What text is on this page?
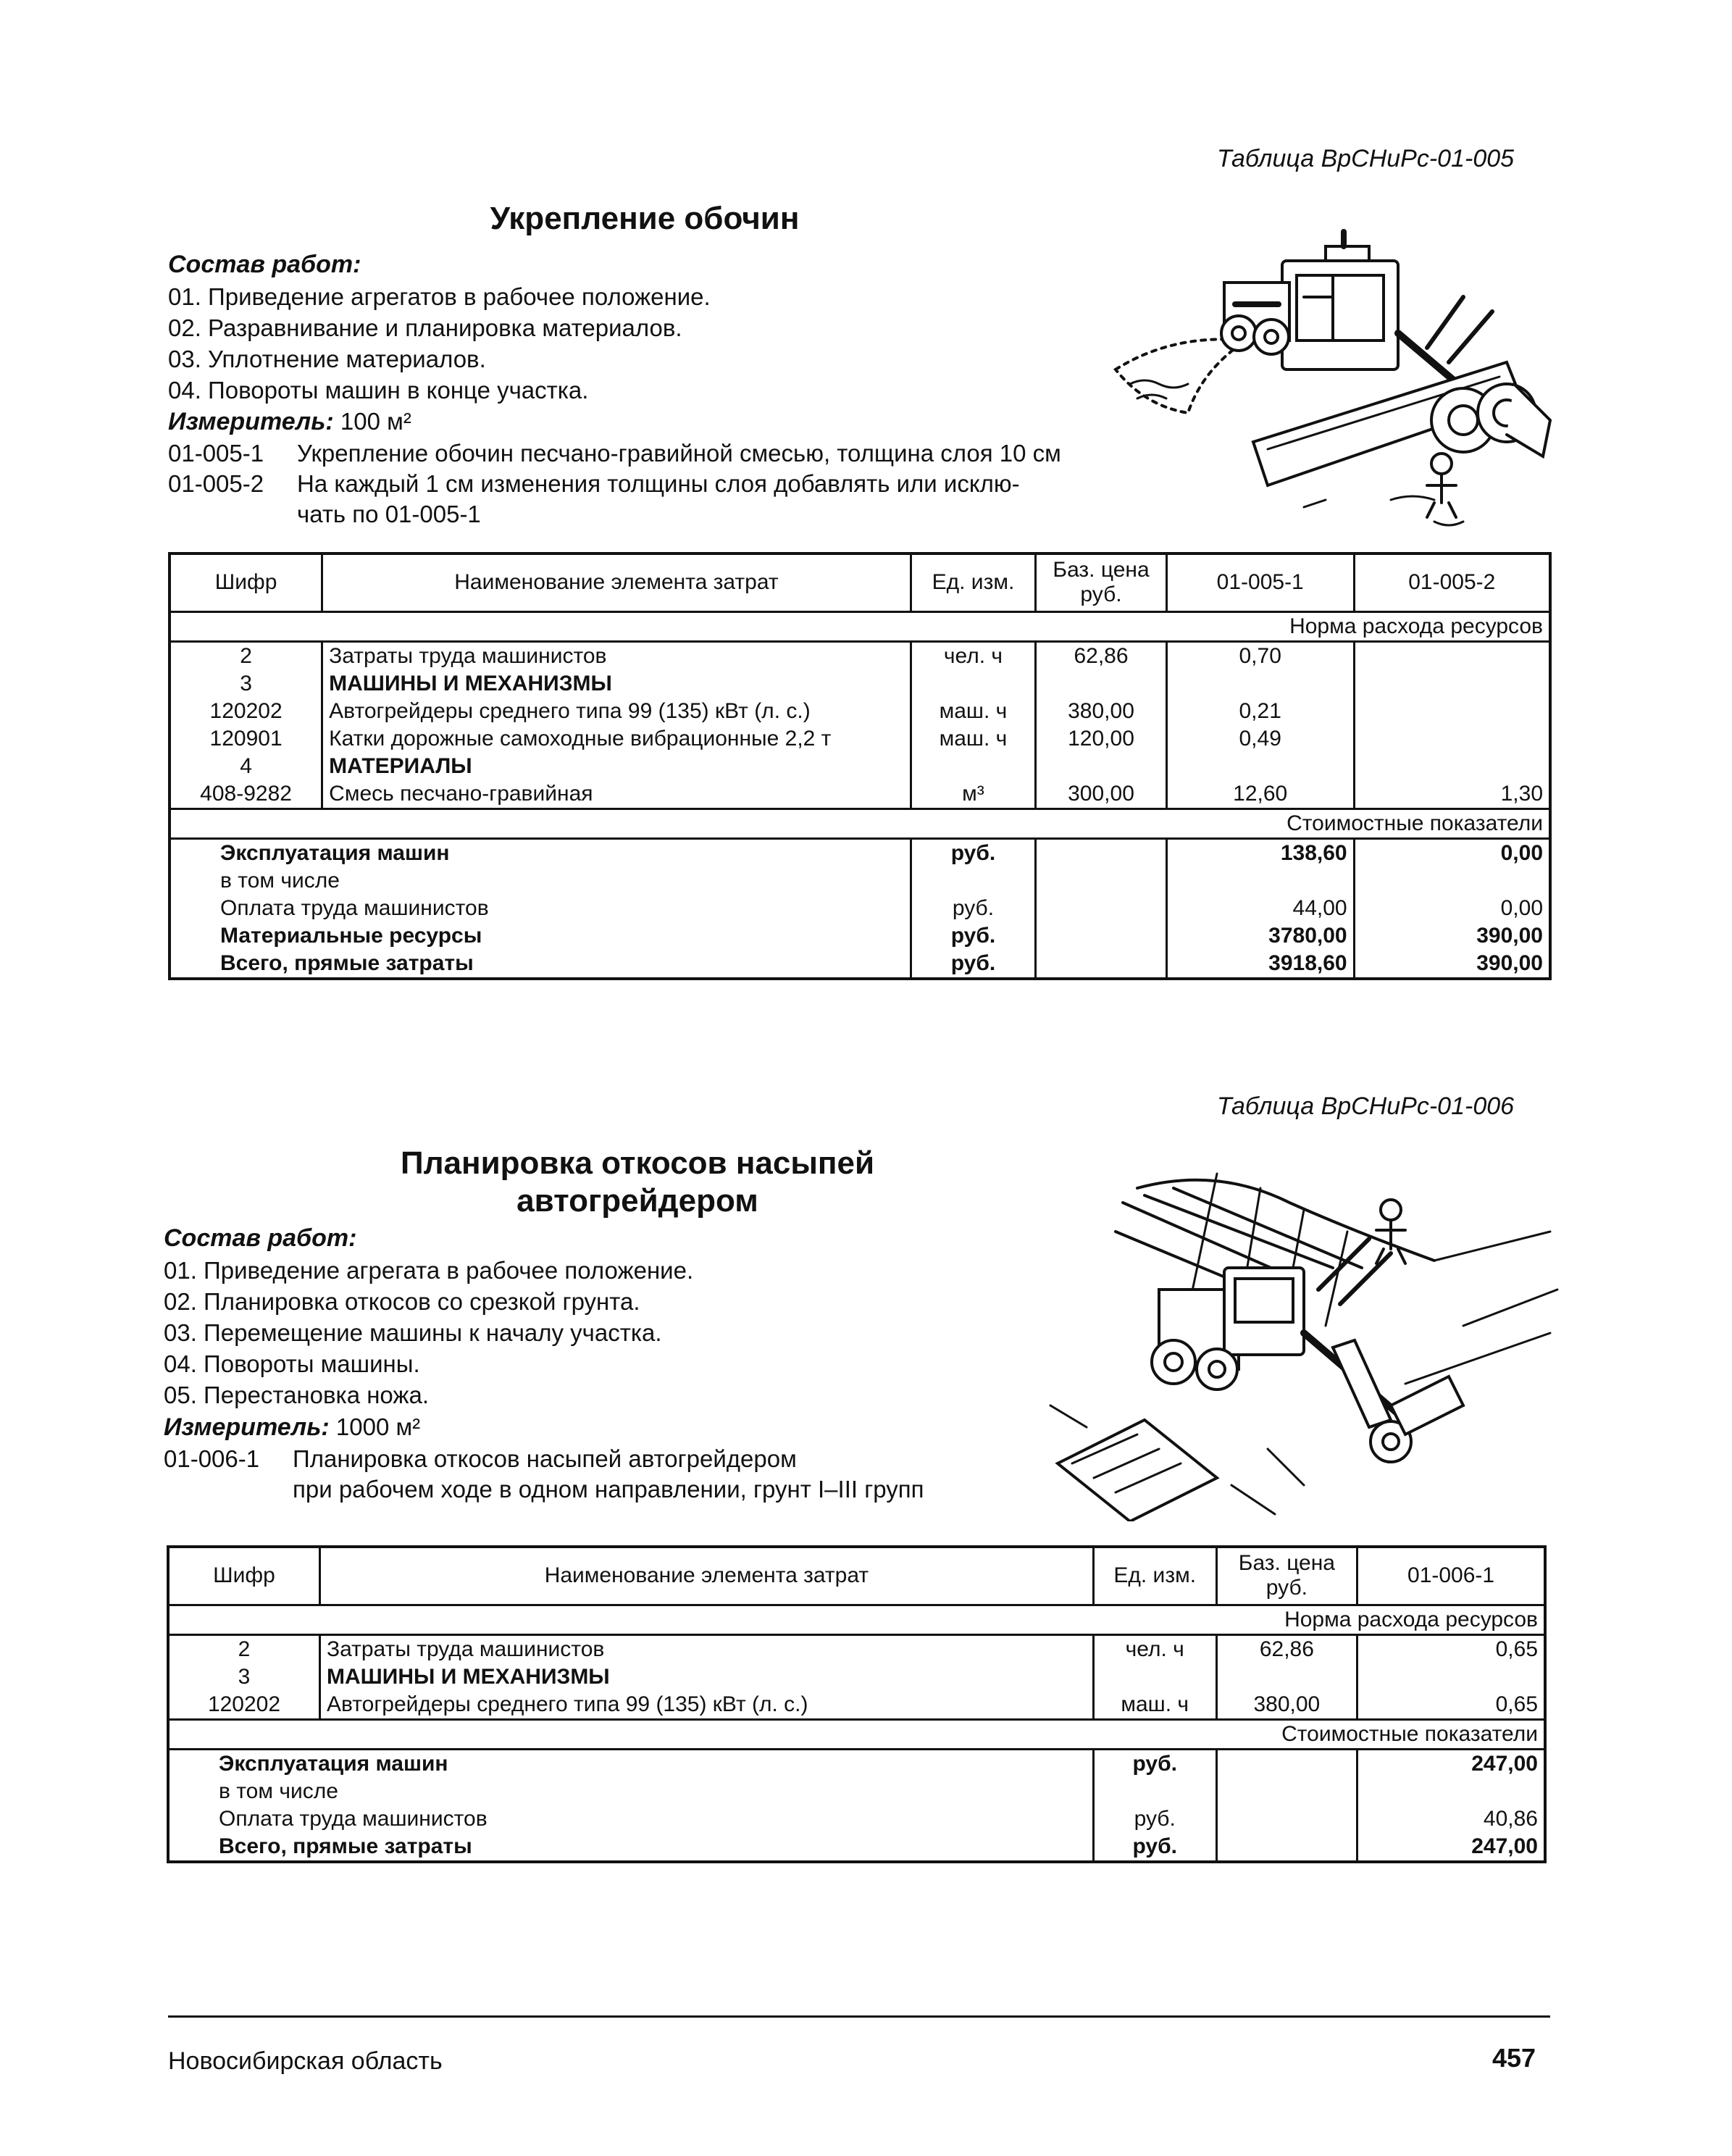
Таблица ВрСНиРс-01-005
Укрепление обочин
Состав работ:
01. Приведение агрегатов в рабочее положение.
02. Разравнивание и планировка материалов.
03. Уплотнение материалов.
04. Повороты машин в конце участка.
Измеритель: 100 м²
01-005-1 Укрепление обочин песчано-гравийной смесью, толщина слоя 10 см
01-005-2 На каждый 1 см изменения толщины слоя добавлять или исклю-
чать по 01-005-1
Шифр	Наименование элемента затрат	Ед. изм.	Баз. цена руб.	01-005-1	01-005-2
Норма расхода ресурсов					
2	Затраты труда машинистов	чел. ч	62,86	0,70	
3	МАШИНЫ И МЕХАНИЗМЫ				
120202	Автогрейдеры среднего типа 99 (135) кВт (л. с.)	маш. ч	380,00	0,21	
120901	Катки дорожные самоходные вибрационные 2,2 т	маш. ч	120,00	0,49	
4	МАТЕРИАЛЫ				
408-9282	Смесь песчано-гравийная	м³	300,00	12,60	1,30
Стоимостные показатели					
Эксплуатация машин		руб.		138,60	0,00
в том числе					
Оплата труда машинистов		руб.		44,00	0,00
Материальные ресурсы		руб.		3780,00	390,00
Всего, прямые затраты		руб.		3918,60	390,00
Таблица ВрСНиРс-01-006
Планировка откосов насыпей
автогрейдером
Состав работ:
01. Приведение агрегата в рабочее положение.
02. Планировка откосов со срезкой грунта.
03. Перемещение машины к началу участка.
04. Повороты машины.
05. Перестановка ножа.
Измеритель: 1000 м²
01-006-1 Планировка откосов насыпей автогрейдером
при рабочем ходе в одном направлении, грунт I–III групп
Шифр	Наименование элемента затрат	Ед. изм.	Баз. цена руб.	01-006-1
Норма расхода ресурсов				
2	Затраты труда машинистов	чел. ч	62,86	0,65
3	МАШИНЫ И МЕХАНИЗМЫ			
120202	Автогрейдеры среднего типа 99 (135) кВт (л. с.)	маш. ч	380,00	0,65
Стоимостные показатели				
Эксплуатация машин		руб.		247,00
в том числе				
Оплата труда машинистов		руб.		40,86
Всего, прямые затраты		руб.		247,00
Новосибирская область	457
